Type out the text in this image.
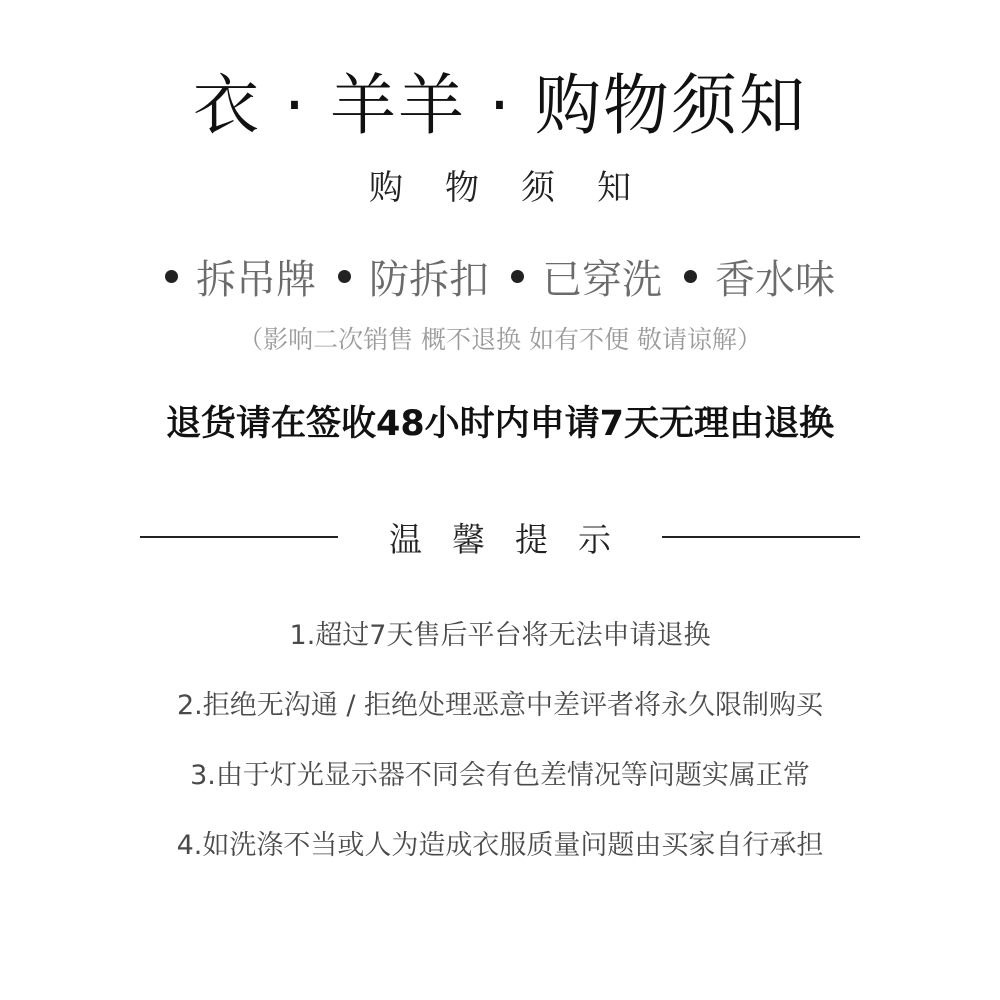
衣 · 羊羊 · 购物须知
购物须知
拆吊牌 防拆扣 已穿洗 香水味
（影响二次销售 概不退换 如有不便 敬请谅解）
退货请在签收48小时内申请7天无理由退换
温馨提示
1.超过7天售后平台将无法申请退换
2.拒绝无沟通 / 拒绝处理恶意中差评者将永久限制购买
3.由于灯光显示器不同会有色差情况等问题实属正常
4.如洗涤不当或人为造成衣服质量问题由买家自行承担
